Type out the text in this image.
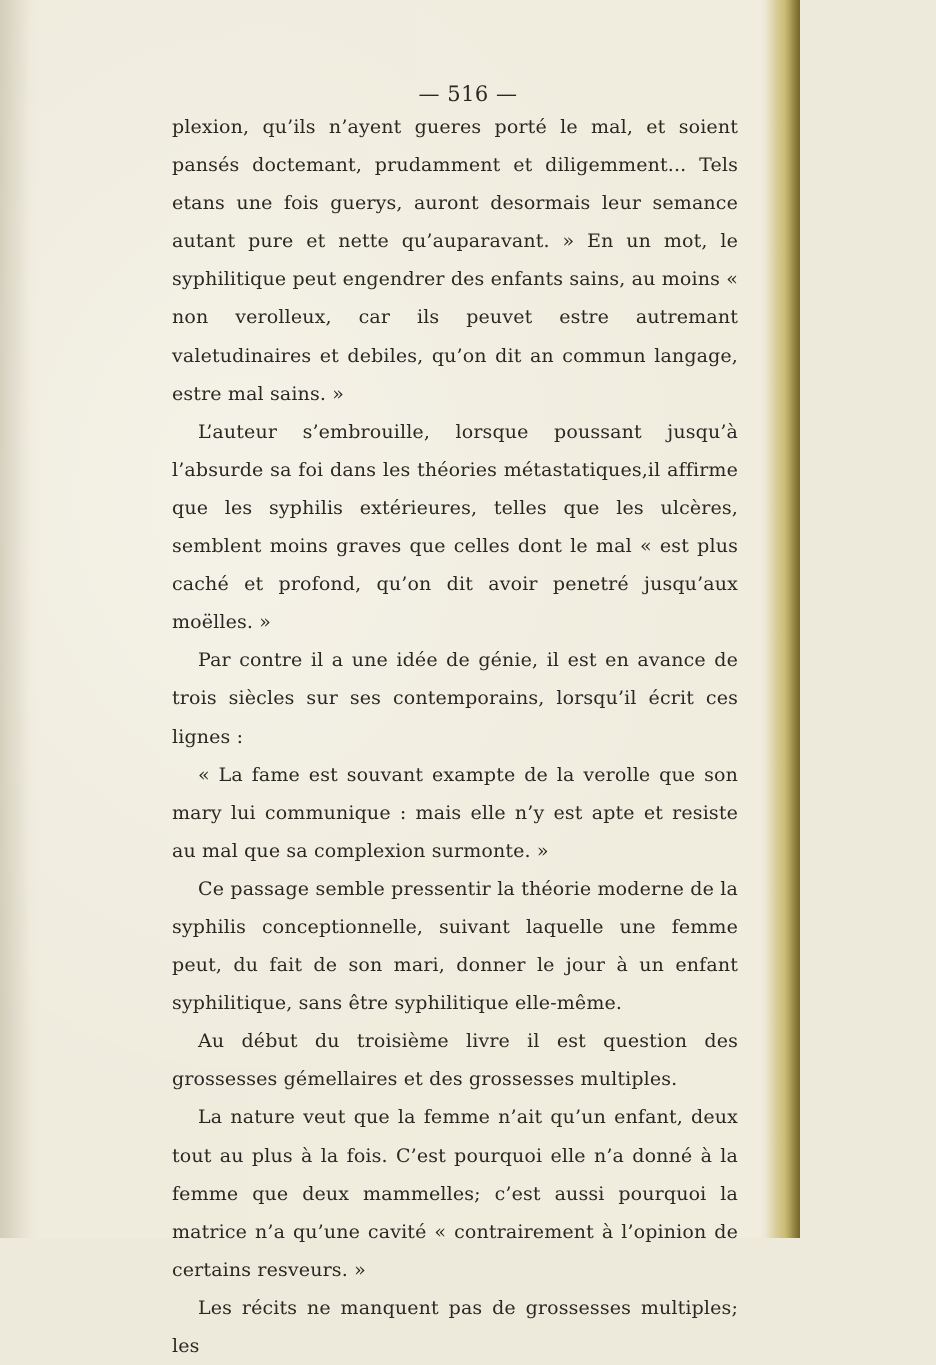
— 516 —

plexion, qu’ils n’ayent gueres porté le mal, et soient pansés doctemant, prudamment et diligemment... Tels etans une fois guerys, auront desormais leur semance autant pure et nette qu’auparavant. » En un mot, le syphilitique peut engendrer des enfants sains, au moins « non verolleux, car ils peuvet estre autremant valetudinaires et debiles, qu’on dit an commun langage, estre mal sains. »

L’auteur s’embrouille, lorsque poussant jusqu’à l’absurde sa foi dans les théories métastatiques,il affirme que les syphilis extérieures, telles que les ulcères, semblent moins graves que celles dont le mal « est plus caché et profond, qu’on dit avoir penetré jusqu’aux moëlles. »

Par contre il a une idée de génie, il est en avance de trois siècles sur ses contemporains, lorsqu’il écrit ces lignes :

« La fame est souvant exampte de la verolle que son mary lui communique : mais elle n’y est apte et resiste au mal que sa complexion surmonte. »

Ce passage semble pressentir la théorie moderne de la syphilis conceptionnelle, suivant laquelle une femme peut, du fait de son mari, donner le jour à un enfant syphilitique, sans être syphilitique elle-même.

Au début du troisième livre il est question des grossesses gémellaires et des grossesses multiples.

La nature veut que la femme n’ait qu’un enfant, deux tout au plus à la fois. C’est pourquoi elle n’a donné à la femme que deux mammelles; c’est aussi pourquoi la matrice n’a qu’une cavité « contrairement à l’opinion de certains resveurs. »

Les récits ne manquent pas de grossesses multiples; les
